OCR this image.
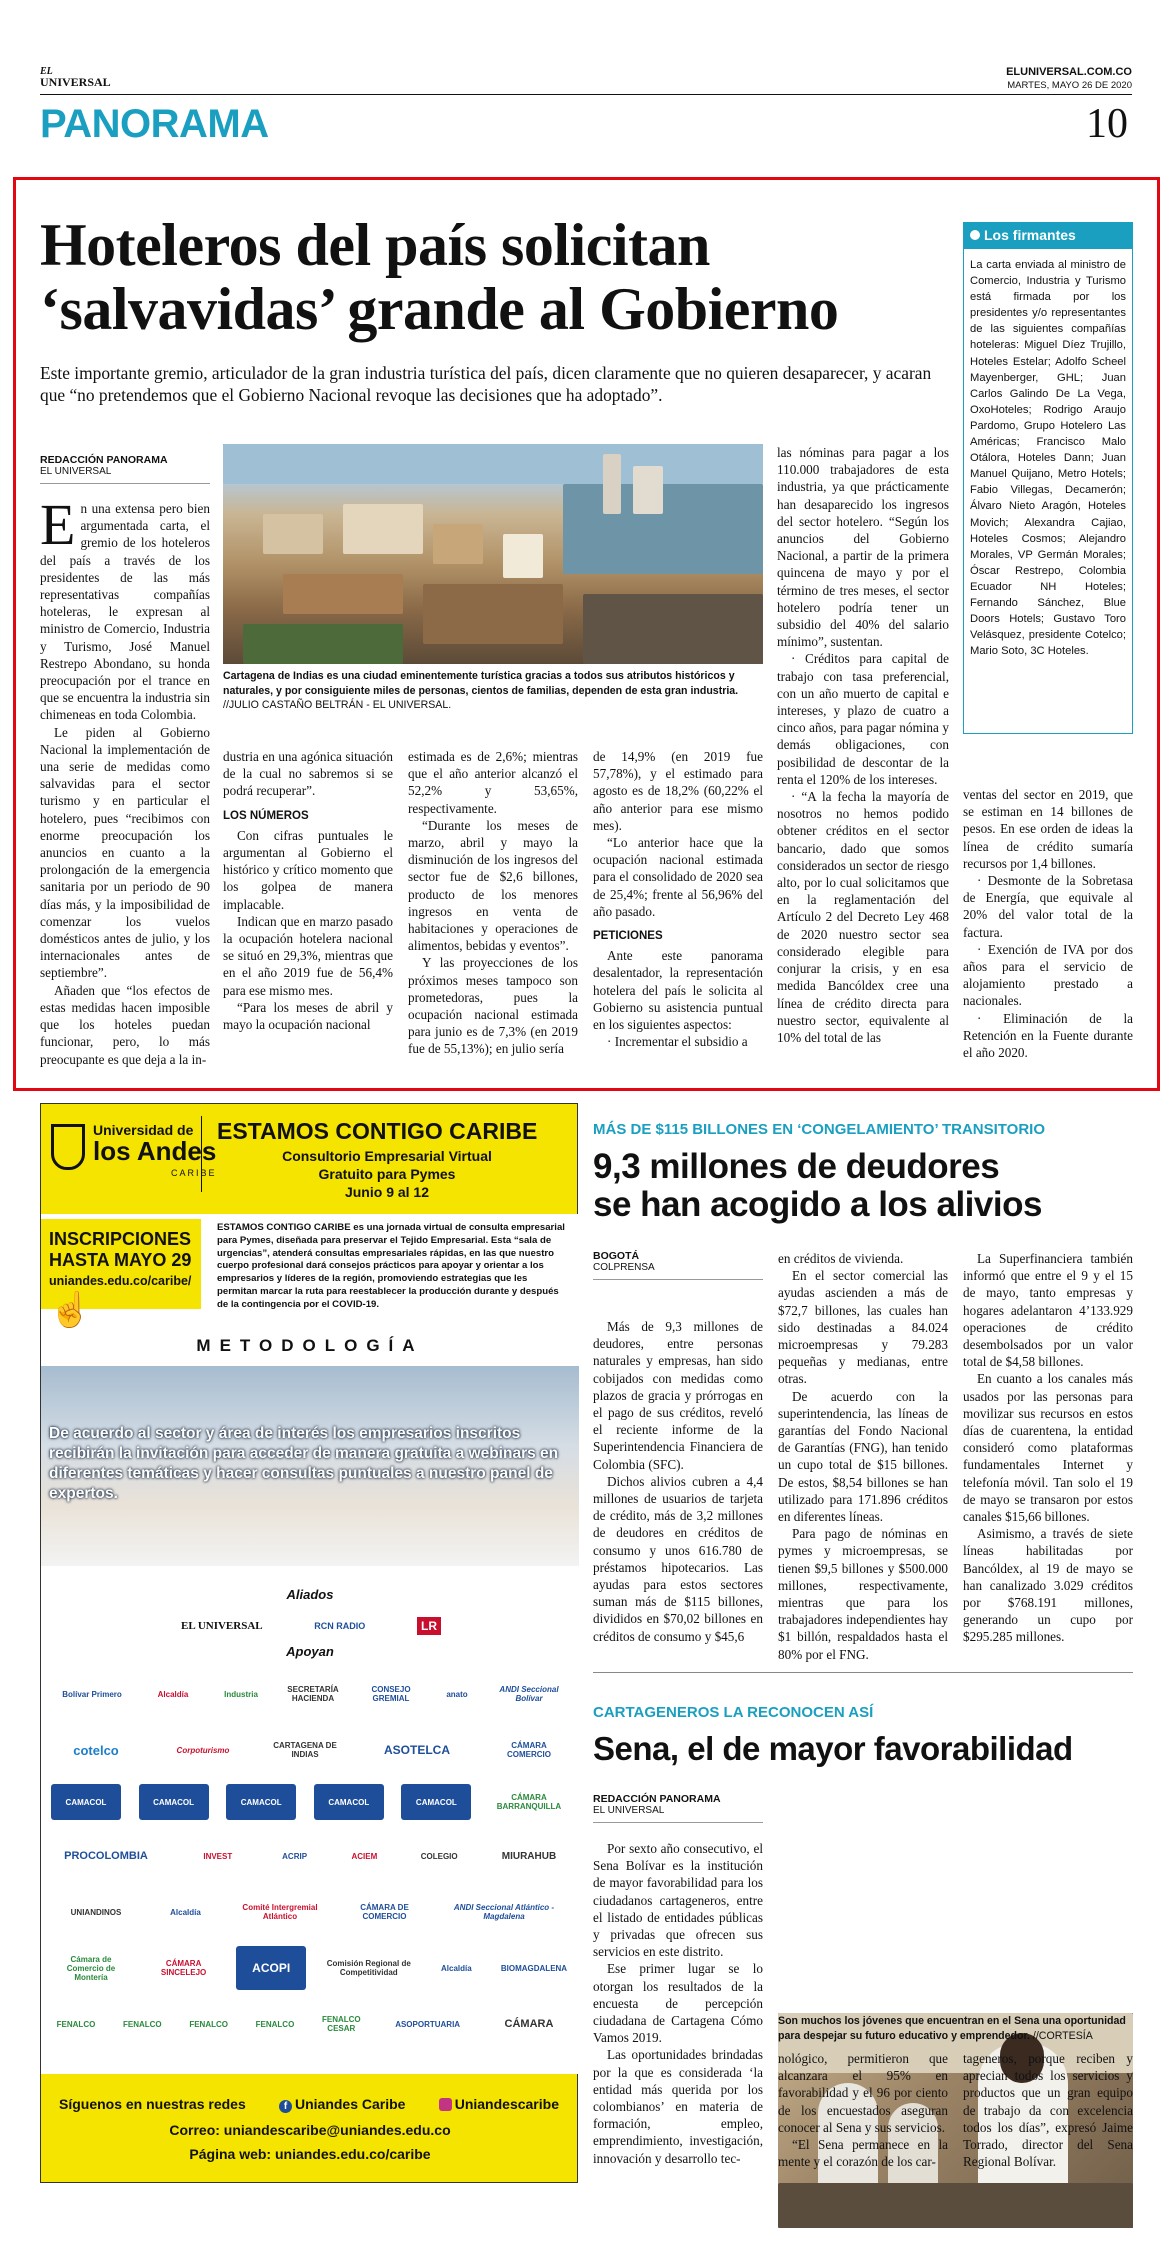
EL
UNIVERSAL
ELUNIVERSAL.COM.CO
MARTES, MAYO 26 DE 2020
PANORAMA	10
Hoteleros del país solicitan
‘salvavidas’ grande al Gobierno
Este importante gremio, articulador de la gran industria turística del país, dicen claramente que no quieren desaparecer, y acaran que “no pretendemos que el Gobierno Nacional revoque las decisiones que ha adoptado”.
REDACCIÓN PANORAMA
EL UNIVERSAL

En una extensa pero bien argumentada carta, el gremio de los hoteleros del país a través de los presidentes de las más representativas compañías hoteleras, le expresan al ministro de Comercio, Industria y Turismo, José Manuel Restrepo Abondano, su honda preocupación por el trance en que se encuentra la industria sin chimeneas en toda Colombia.

Le piden al Gobierno Nacional la implementación de una serie de medidas como salvavidas para el sector turismo y en particular el hotelero, pues “recibimos con enorme preocupación los anuncios en cuanto a la prolongación de la emergencia sanitaria por un periodo de 90 días más, y la imposibilidad de comenzar los vuelos domésticos antes de julio, y los internacionales antes de septiembre”.

Añaden que “los efectos de estas medidas hacen imposible que los hoteles puedan funcionar, pero, lo más preocupante es que deja a la in-

Cartagena de Indias es una ciudad eminentemente turística gracias a todos sus atributos históricos y naturales, y por consiguiente miles de personas, cientos de familias, dependen de esta gran industria. //JULIO CASTAÑO BELTRÁN - EL UNIVERSAL.

dustria en una agónica situación de la cual no sabremos si se podrá recuperar”.

LOS NÚMEROS

Con cifras puntuales le argumentan al Gobierno el histórico y crítico momento que los golpea de manera implacable.

Indican que en marzo pasado la ocupación hotelera nacional se situó en 29,3%, mientras que en el año 2019 fue de 56,4% para ese mismo mes.

“Para los meses de abril y mayo la ocupación nacional

estimada es de 2,6%; mientras que el año anterior alcanzó el 52,2% y 53,65%, respectivamente.

“Durante los meses de marzo, abril y mayo la disminución de los ingresos del sector fue de $2,6 billones, producto de los menores ingresos en venta de habitaciones y operaciones de alimentos, bebidas y eventos”.

Y las proyecciones de los próximos meses tampoco son prometedoras, pues la ocupación nacional estimada para junio es de 7,3% (en 2019 fue de 55,13%); en julio sería

de 14,9% (en 2019 fue 57,78%), y el estimado para agosto es de 18,2% (60,22% el año anterior para ese mismo mes).

“Lo anterior hace que la ocupación nacional estimada para el consolidado de 2020 sea de 25,4%; frente al 56,96% del año pasado.

PETICIONES

Ante este panorama desalentador, la representación hotelera del país le solicita al Gobierno su asistencia puntual en los siguientes aspectos:

· Incrementar el subsidio a

las nóminas para pagar a los 110.000 trabajadores de esta industria, ya que prácticamente han desaparecido los ingresos del sector hotelero. “Según los anuncios del Gobierno Nacional, a partir de la primera quincena de mayo y por el término de tres meses, el sector hotelero podría tener un subsidio del 40% del salario mínimo”, sustentan.

· Créditos para capital de trabajo con tasa preferencial, con un año muerto de capital e intereses, y plazo de cuatro a cinco años, para pagar nómina y demás obligaciones, con posibilidad de descontar de la renta el 120% de los intereses.

· “A la fecha la mayoría de nosotros no hemos podido obtener créditos en el sector bancario, dado que somos considerados un sector de riesgo alto, por lo cual solicitamos que en la reglamentación del Artículo 2 del Decreto Ley 468 de 2020 nuestro sector sea considerado elegible para conjurar la crisis, y en esa medida Bancóldex cree una línea de crédito directa para nuestro sector, equivalente al 10% del total de las

ventas del sector en 2019, que se estiman en 14 billones de pesos. En ese orden de ideas la línea de crédito sumaría recursos por 1,4 billones.

· Desmonte de la Sobretasa de Energía, que equivale al 20% del valor total de la factura.

· Exención de IVA por dos años para el servicio de alojamiento prestado a nacionales.

· Eliminación de la Retención en la Fuente durante el año 2020.

Los firmantes
La carta enviada al ministro de Comercio, Industria y Turismo está firmada por los presidentes y/o representantes de las siguientes compañías hoteleras: Miguel Díez Trujillo, Hoteles Estelar; Adolfo Scheel Mayenberger, GHL; Juan Carlos Galindo De La Vega, OxoHoteles; Rodrigo Araujo Pardomo, Grupo Hotelero Las Américas; Francisco Malo Otálora, Hoteles Dann; Juan Manuel Quijano, Metro Hotels; Fabio Villegas, Decamerón; Álvaro Nieto Aragón, Hoteles Movich; Alexandra Cajiao, Hoteles Cosmos; Alejandro Morales, VP Germán Morales; Óscar Restrepo, Colombia Ecuador NH Hoteles; Fernando Sánchez, Blue Doors Hotels; Gustavo Toro Velásquez, presidente Cotelco; Mario Soto, 3C Hoteles.
Universidad de
los Andes
CARIBE
ESTAMOS CONTIGO CARIBE
Consultorio Empresarial Virtual
Gratuito para Pymes
Junio 9 al 12
INSCRIPCIONES
HASTA MAYO 29
uniandes.edu.co/caribe/
☝
ESTAMOS CONTIGO CARIBE es una jornada virtual de consulta empresarial para Pymes, diseñada para preservar el Tejido Empresarial. Esta “sala de urgencias”, atenderá consultas empresariales rápidas, en las que nuestro cuerpo profesional dará consejos prácticos para apoyar y orientar a los empresarios y líderes de la región, promoviendo estrategias que les permitan marcar la ruta para reestablecer la producción durante y después de la contingencia por el COVID-19.
METODOLOGÍA
De acuerdo al sector y área de interés los empresarios inscritos recibirán la invitación para acceder de manera gratuita a webinars en diferentes temáticas y hacer consultas puntuales a nuestro panel de expertos.
Aliados
EL UNIVERSAL	RCN RADIO	LR
Apoyan
Bolívar Primero	Alcaldía	Industria	SECRETARÍA HACIENDA
CONSEJO GREMIAL	anato	ANDI Seccional Bolívar
cotelco	Corpoturismo	CARTAGENA DE INDIAS	ASOTELCA	CÁMARA COMERCIO
CAMACOL	CAMACOL	CAMACOL	CAMACOL	CAMACOL	CÁMARA BARRANQUILLA
PROCOLOMBIA	INVEST	ACRIP	ACIEM	COLEGIO	MIURAHUB
UNIANDINOS	Alcaldía	Comité Intergremial Atlántico
CÁMARA DE COMERCIO
ANDI Seccional Atlántico - Magdalena
Cámara de Comercio de Montería
CÁMARA SINCELEJO	ACOPI	Comisión Regional de Competitividad	Alcaldía	BIOMAGDALENA
FENALCO	FENALCO	FENALCO	FENALCO	FENALCO CESAR	ASOPORTUARIA	CÁMARA
Síguenos en nuestras redes	f Uniandes Caribe	Uniandescaribe
Correo: uniandescaribe@uniandes.edu.co
Página web: uniandes.edu.co/caribe
MÁS DE $115 BILLONES EN ‘CONGELAMIENTO’ TRANSITORIO
9,3 millones de deudores
se han acogido a los alivios
BOGOTÁ
COLPRENSA

Más de 9,3 millones de deudores, entre personas naturales y empresas, han sido cobijados con medidas como plazos de gracia y prórrogas en el pago de sus créditos, reveló el reciente informe de la Superintendencia Financiera de Colombia (SFC).

Dichos alivios cubren a 4,4 millones de usuarios de tarjeta de crédito, más de 3,2 millones de deudores en créditos de consumo y unos 616.780 de préstamos hipotecarios. Las ayudas para estos sectores suman más de $115 billones, divididos en $70,02 billones en créditos de consumo y $45,6

en créditos de vivienda.

En el sector comercial las ayudas ascienden a más de $72,7 billones, las cuales han sido destinadas a 84.024 microempresas y 79.283 pequeñas y medianas, entre otras.

De acuerdo con la superintendencia, las líneas de garantías del Fondo Nacional de Garantías (FNG), han tenido un cupo total de $15 billones. De estos, $8,54 billones se han utilizado para 171.896 créditos en diferentes líneas.

Para pago de nóminas en pymes y microempresas, se tienen $9,5 billones y $500.000 millones, respectivamente, mientras que para los trabajadores independientes hay $1 billón, respaldados hasta el 80% por el FNG.

La Superfinanciera también informó que entre el 9 y el 15 de mayo, tanto empresas y hogares adelantaron 4’133.929 operaciones de crédito desembolsados por un valor total de $4,58 billones.

En cuanto a los canales más usados por las personas para movilizar sus recursos en estos días de cuarentena, la entidad consideró como plataformas fundamentales Internet y telefonía móvil. Tan solo el 19 de mayo se transaron por estos canales $15,66 billones.

Asimismo, a través de siete líneas habilitadas por Bancóldex, al 19 de mayo se han canalizado 3.029 créditos por $768.191 millones, generando un cupo por $295.285 millones.

CARTAGENEROS LA RECONOCEN ASÍ
Sena, el de mayor favorabilidad
REDACCIÓN PANORAMA
EL UNIVERSAL

Por sexto año consecutivo, el Sena Bolívar es la institución de mayor favorabilidad para los ciudadanos cartageneros, entre el listado de entidades públicas y privadas que ofrecen sus servicios en este distrito.

Ese primer lugar se lo otorgan los resultados de la encuesta de percepción ciudadana de Cartagena Cómo Vamos 2019.

Las oportunidades brindadas por la que es considerada ‘la entidad más querida por los colombianos’ en materia de formación, empleo, emprendimiento, investigación, innovación y desarrollo tec-

Son muchos los jóvenes que encuentran en el Sena una oportunidad para despejar su futuro educativo y emprendedor. //CORTESÍA

nológico, permitieron que alcanzara el 95% en favorabilidad y el 96 por ciento de los encuestados aseguran conocer al Sena y sus servicios.

“El Sena permanece en la mente y el corazón de los car-

tageneros, porque reciben y aprecian todos los servicios y productos que un gran equipo de trabajo da con excelencia todos los días”, expresó Jaime Torrado, director del Sena Regional Bolívar.
